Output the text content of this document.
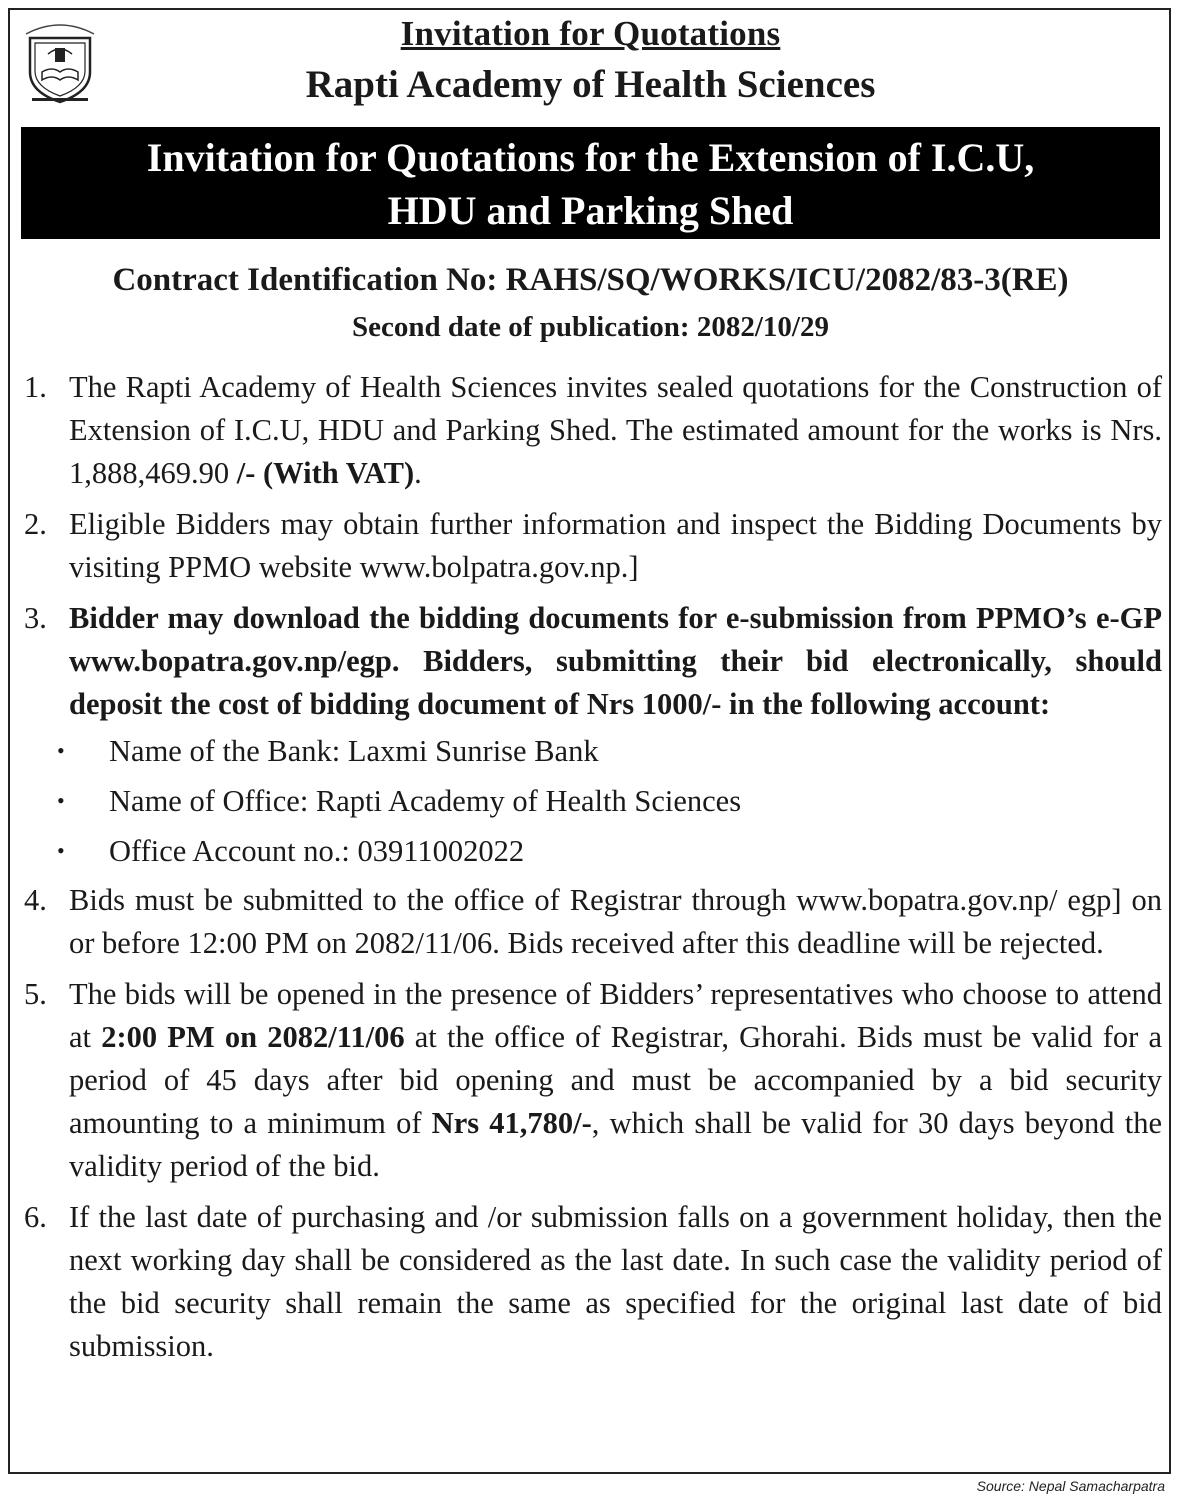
Invitation for Quotations
Rapti Academy of Health Sciences
Invitation for Quotations for the Extension of I.C.U,
HDU and Parking Shed
Contract Identification No: RAHS/SQ/WORKS/ICU/2082/83-3(RE)
Second date of publication: 2082/10/29
1. The Rapti Academy of Health Sciences invites sealed quotations for the Construction of Extension of I.C.U, HDU and Parking Shed. The estimated amount for the works is Nrs. 1,888,469.90 /- (With VAT).
2. Eligible Bidders may obtain further information and inspect the Bidding Documents by visiting PPMO website www.bolpatra.gov.np.]
3. Bidder may download the bidding documents for e-submission from PPMO’s e-GP www.bopatra.gov.np/egp. Bidders, submitting their bid electronically, should deposit the cost of bidding document of Nrs 1000/- in the following account:
•	Name of the Bank: Laxmi Sunrise Bank
•	Name of Office: Rapti Academy of Health Sciences
•	Office Account no.: 03911002022
4. Bids must be submitted to the office of Registrar through www.bopatra.gov.np/ egp] on or before 12:00 PM on 2082/11/06. Bids received after this deadline will be rejected.
5. The bids will be opened in the presence of Bidders’ representatives who choose to attend at 2:00 PM on 2082/11/06 at the office of Registrar, Ghorahi. Bids must be valid for a period of 45 days after bid opening and must be accompanied by a bid security amounting to a minimum of Nrs 41,780/-, which shall be valid for 30 days beyond the validity period of the bid.
6. If the last date of purchasing and /or submission falls on a government holiday, then the next working day shall be considered as the last date. In such case the validity period of the bid security shall remain the same as specified for the original last date of bid submission.
Source: Nepal Samacharpatra
